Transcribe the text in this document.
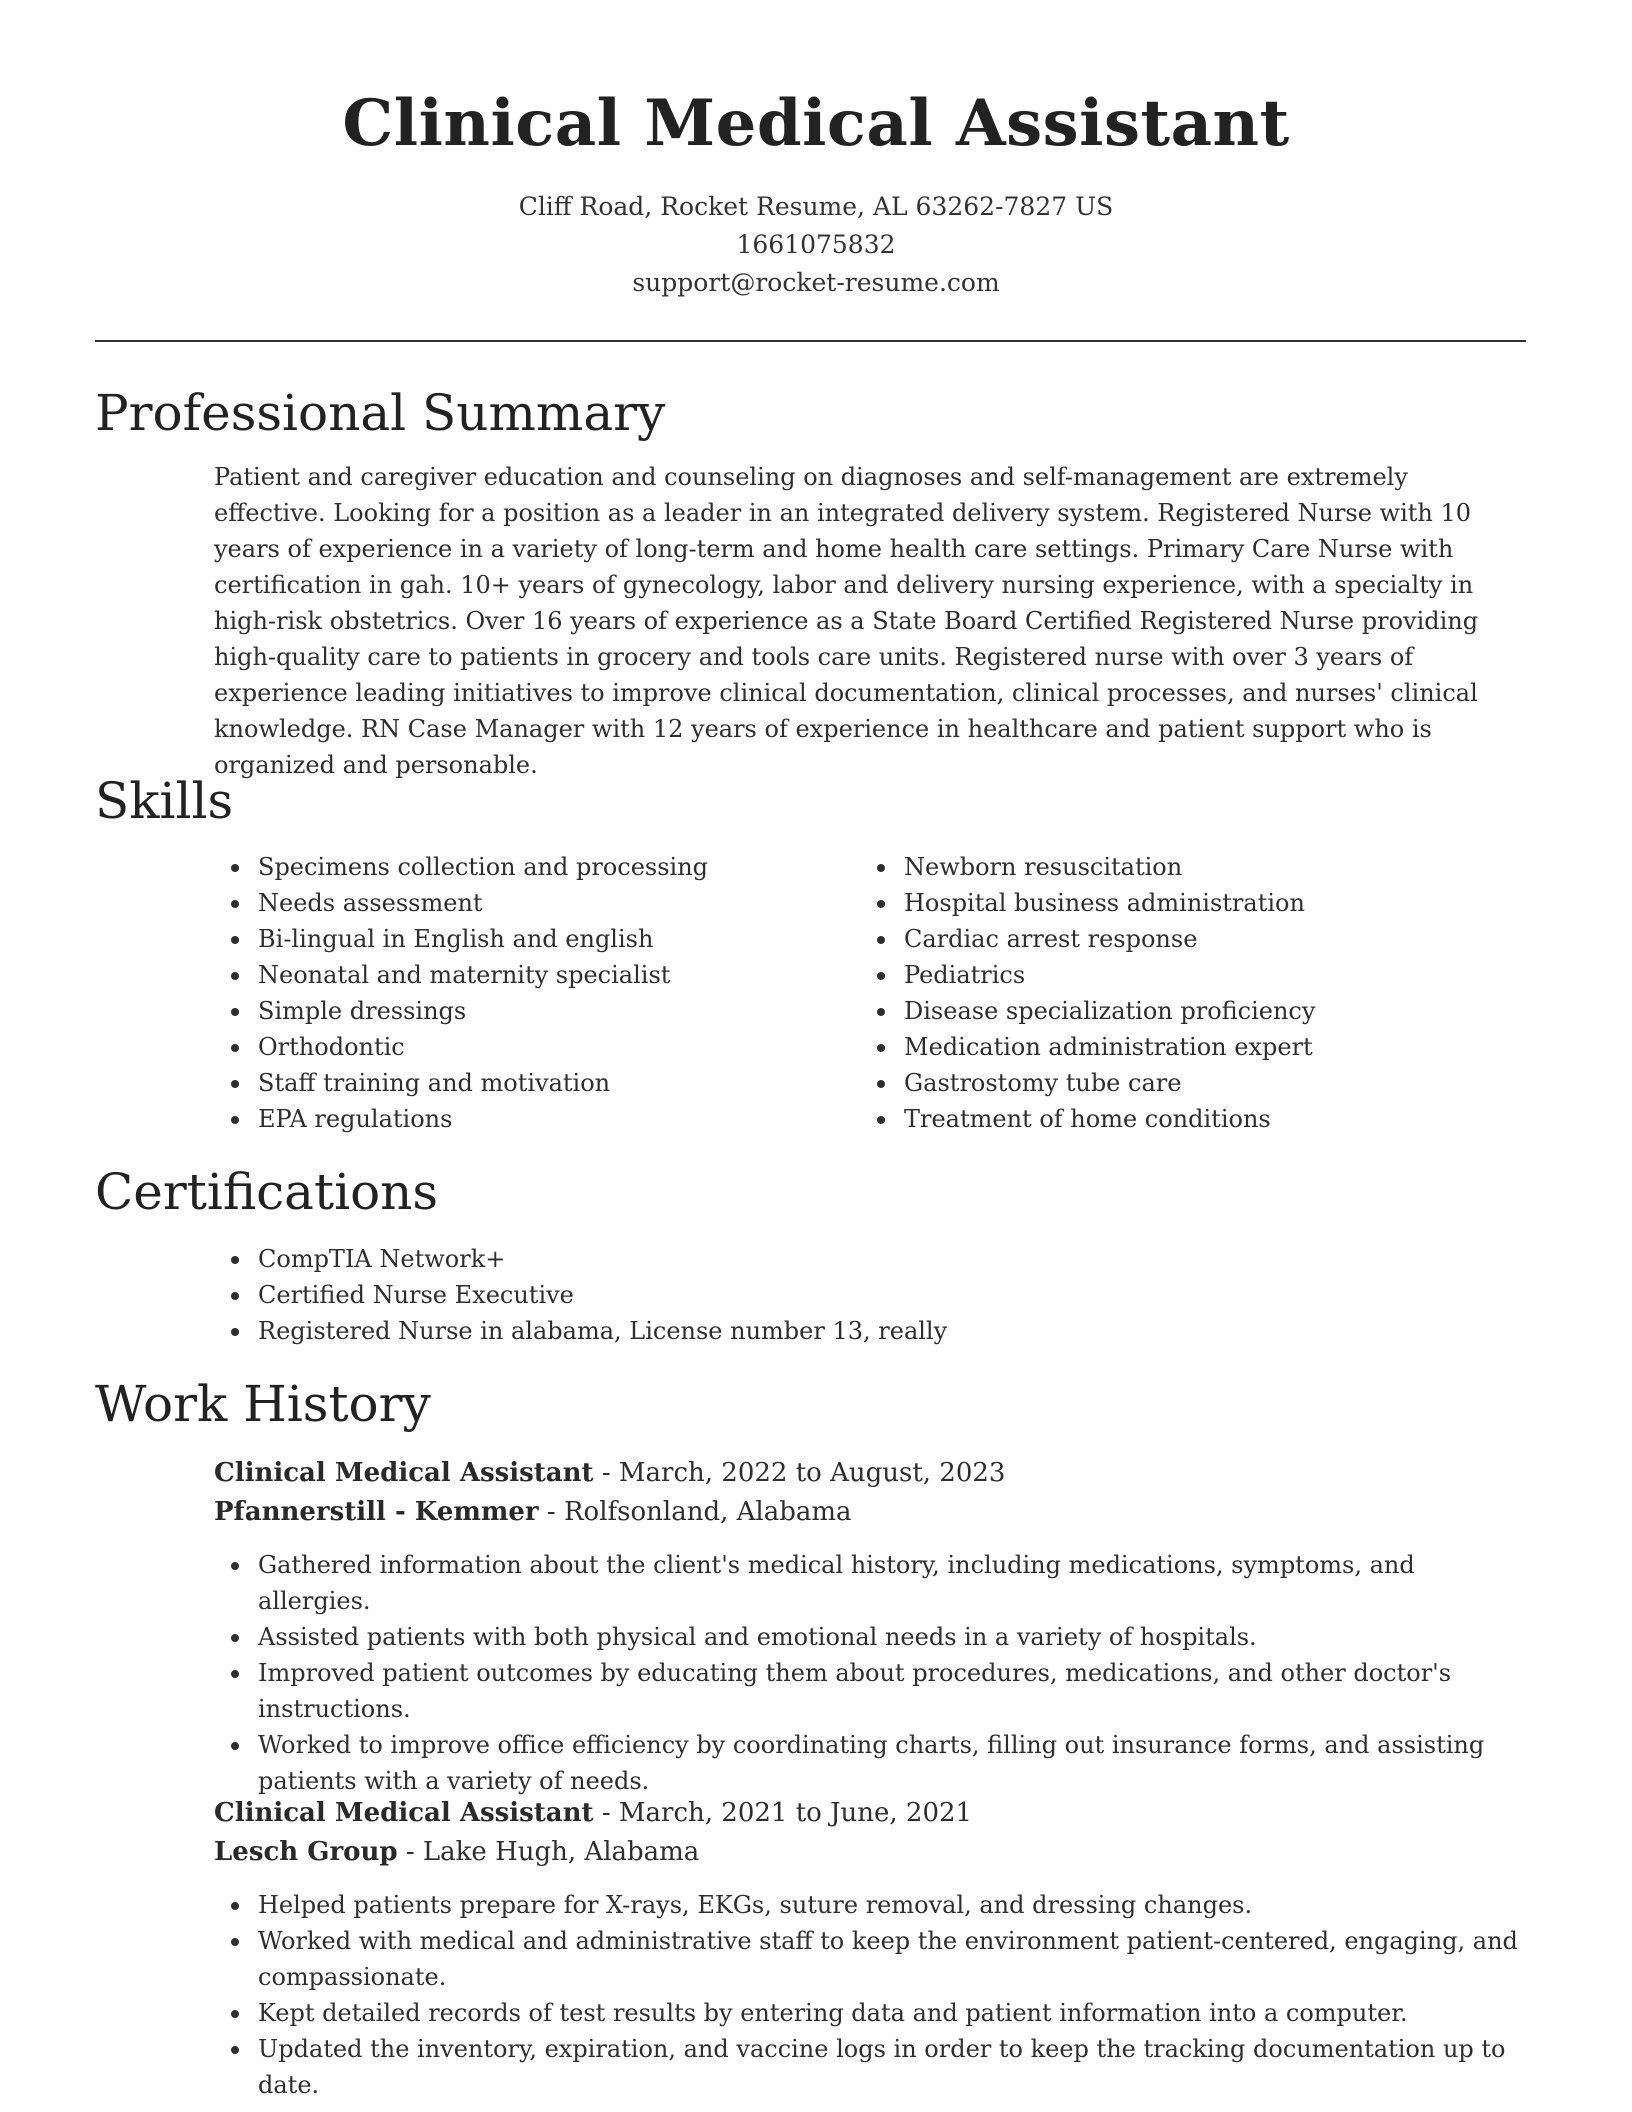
Clinical Medical Assistant
Cliff Road, Rocket Resume, AL 63262-7827 US
1661075832
support@rocket-resume.com
Professional Summary
Patient and caregiver education and counseling on diagnoses and self-management are extremely effective. Looking for a position as a leader in an integrated delivery system. Registered Nurse with 10 years of experience in a variety of long-term and home health care settings. Primary Care Nurse with certification in gah. 10+ years of gynecology, labor and delivery nursing experience, with a specialty in high-risk obstetrics. Over 16 years of experience as a State Board Certified Registered Nurse providing high-quality care to patients in grocery and tools care units. Registered nurse with over 3 years of experience leading initiatives to improve clinical documentation, clinical processes, and nurses' clinical knowledge. RN Case Manager with 12 years of experience in healthcare and patient support who is organized and personable.
Skills
Specimens collection and processing
Needs assessment
Bi-lingual in English and english
Neonatal and maternity specialist
Simple dressings
Orthodontic
Staff training and motivation
EPA regulations
Newborn resuscitation
Hospital business administration
Cardiac arrest response
Pediatrics
Disease specialization proficiency
Medication administration expert
Gastrostomy tube care
Treatment of home conditions
Certifications
CompTIA Network+
Certified Nurse Executive
Registered Nurse in alabama, License number 13, really
Work History
Clinical Medical Assistant - March, 2022 to August, 2023
Pfannerstill - Kemmer - Rolfsonland, Alabama
Gathered information about the client's medical history, including medications, symptoms, and allergies.
Assisted patients with both physical and emotional needs in a variety of hospitals.
Improved patient outcomes by educating them about procedures, medications, and other doctor's instructions.
Worked to improve office efficiency by coordinating charts, filling out insurance forms, and assisting patients with a variety of needs.
Clinical Medical Assistant - March, 2021 to June, 2021
Lesch Group - Lake Hugh, Alabama
Helped patients prepare for X-rays, EKGs, suture removal, and dressing changes.
Worked with medical and administrative staff to keep the environment patient-centered, engaging, and compassionate.
Kept detailed records of test results by entering data and patient information into a computer.
Updated the inventory, expiration, and vaccine logs in order to keep the tracking documentation up to date.
